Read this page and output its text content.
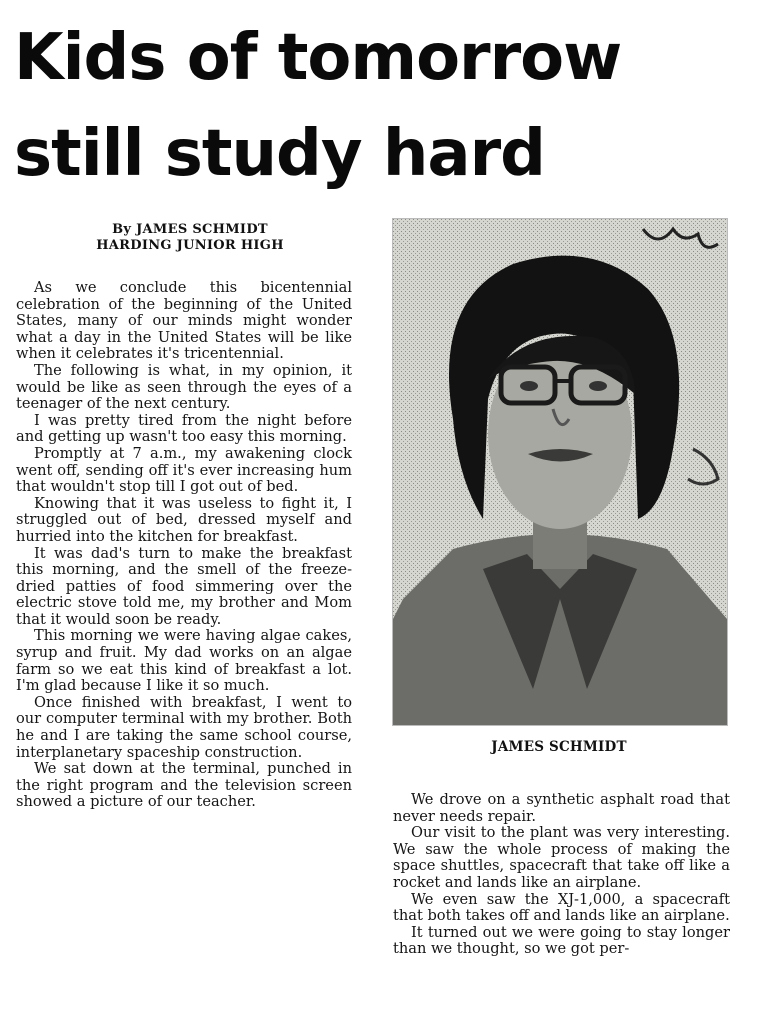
Kids of tomorrow
still study hard
By JAMES SCHMIDT
HARDING JUNIOR HIGH

As we conclude this bicentennial celebration of the beginning of the United States, many of our minds might wonder what a day in the United States will be like when it celebrates it's tricentennial.

The following is what, in my opinion, it would be like as seen through the eyes of a teenager of the next century.

I was pretty tired from the night before and getting up wasn't too easy this morning.

Promptly at 7 a.m., my awakening clock went off, sending off it's ever increasing hum that wouldn't stop till I got out of bed.

Knowing that it was useless to fight it, I struggled out of bed, dressed myself and hurried into the kitchen for breakfast.

It was dad's turn to make the breakfast this morning, and the smell of the freeze-dried patties of food simmering over the electric stove told me, my brother and Mom that it would soon be ready.

This morning we were having algae cakes, syrup and fruit. My dad works on an algae farm so we eat this kind of breakfast a lot. I'm glad because I like it so much.

Once finished with breakfast, I went to our computer terminal with my brother. Both he and I are taking the same school course, interplanetary spaceship construction.

We sat down at the terminal, punched in the right program and the television screen showed a picture of our teacher.

JAMES SCHMIDT

We drove on a synthetic asphalt road that never needs repair.

Our visit to the plant was very interesting. We saw the whole process of making the space shuttles, spacecraft that take off like a rocket and lands like an airplane.

We even saw the XJ-1,000, a spacecraft that both takes off and lands like an airplane.

It turned out we were going to stay longer than we thought, so we got per-
